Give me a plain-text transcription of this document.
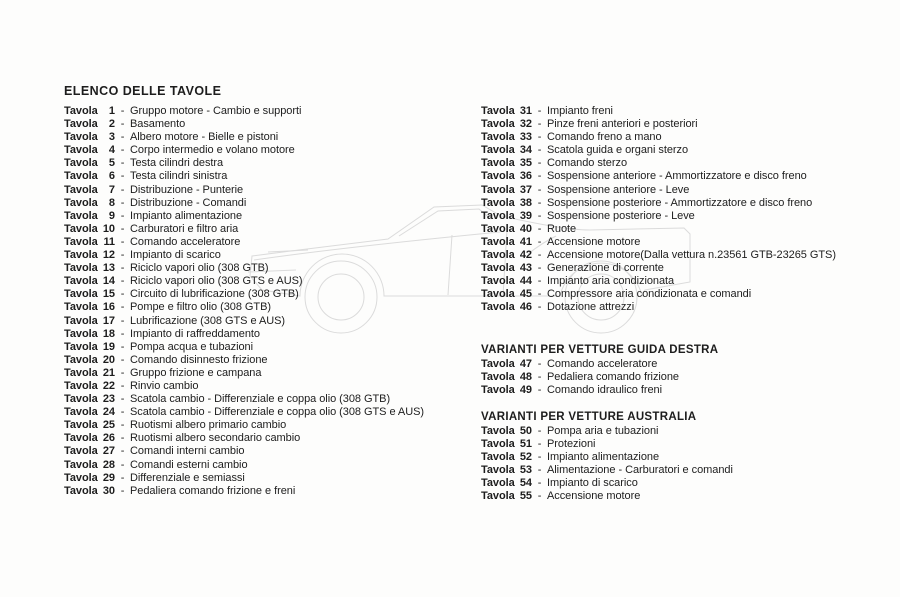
ELENCO DELLE TAVOLE
Tavola	1 - Gruppo motore - Cambio e supporti
Tavola	2 - Basamento
Tavola	3 - Albero motore - Bielle e pistoni
Tavola	4 - Corpo intermedio e volano motore
Tavola	5 - Testa cilindri destra
Tavola	6 - Testa cilindri sinistra
Tavola	7 - Distribuzione - Punterie
Tavola	8 - Distribuzione - Comandi
Tavola	9 - Impianto alimentazione
Tavola 10 - Carburatori e filtro aria
Tavola 11 - Comando acceleratore
Tavola 12 - Impianto di scarico
Tavola 13 - Riciclo vapori olio (308 GTB)
Tavola 14 - Riciclo vapori olio (308 GTS e AUS)
Tavola 15 - Circuito di lubrificazione (308 GTB)
Tavola 16 - Pompe e filtro olio (308 GTB)
Tavola 17 - Lubrificazione (308 GTS e AUS)
Tavola 18 - Impianto di raffreddamento
Tavola 19 - Pompa acqua e tubazioni
Tavola 20 - Comando disinnesto frizione
Tavola 21 - Gruppo frizione e campana
Tavola 22 - Rinvio cambio
Tavola 23 - Scatola cambio - Differenziale e coppa olio (308 GTB)
Tavola 24 - Scatola cambio - Differenziale e coppa olio (308 GTS e AUS)
Tavola 25 - Ruotismi albero primario cambio
Tavola 26 - Ruotismi albero secondario cambio
Tavola 27 - Comandi interni cambio
Tavola 28 - Comandi esterni cambio
Tavola 29 - Differenziale e semiassi
Tavola 30 - Pedaliera comando frizione e freni
Tavola 31 - Impianto freni
Tavola 32 - Pinze freni anteriori e posteriori
Tavola 33 - Comando freno a mano
Tavola 34 - Scatola guida e organi sterzo
Tavola 35 - Comando sterzo
Tavola 36 - Sospensione anteriore - Ammortizzatore e disco freno
Tavola 37 - Sospensione anteriore - Leve
Tavola 38 - Sospensione posteriore - Ammortizzatore e disco freno
Tavola 39 - Sospensione posteriore - Leve
Tavola 40 - Ruote
Tavola 41 - Accensione motore
Tavola 42 - Accensione motore(Dalla vettura n.23561 GTB-23265 GTS)
Tavola 43 - Generazione di corrente
Tavola 44 - Impianto aria condizionata
Tavola 45 - Compressore aria condizionata e comandi
Tavola 46 - Dotazione attrezzi
VARIANTI PER VETTURE GUIDA DESTRA
Tavola 47 - Comando acceleratore
Tavola 48 - Pedaliera comando frizione
Tavola 49 - Comando idraulico freni
VARIANTI PER VETTURE AUSTRALIA
Tavola 50 - Pompa aria e tubazioni
Tavola 51 - Protezioni
Tavola 52 - Impianto alimentazione
Tavola 53 - Alimentazione - Carburatori e comandi
Tavola 54 - Impianto di scarico
Tavola 55 - Accensione motore
